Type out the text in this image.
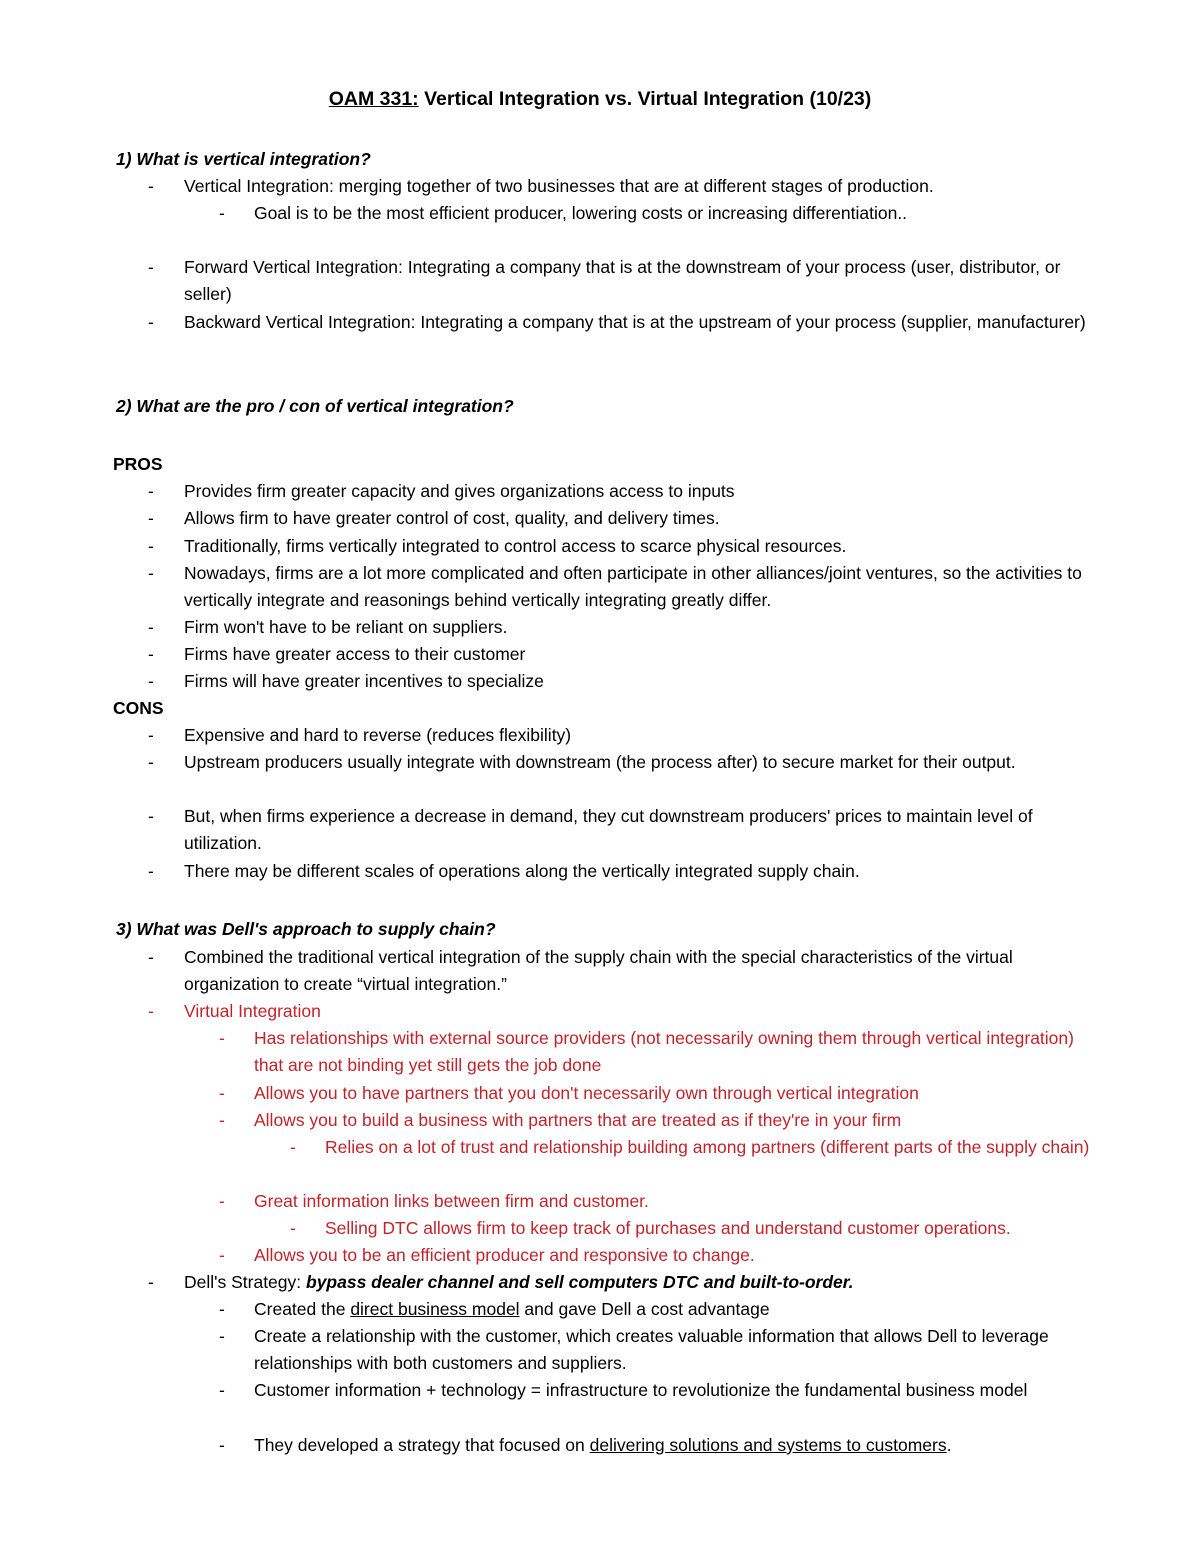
OAM 331: Vertical Integration vs. Virtual Integration (10/23)
1) What is vertical integration?
- Vertical Integration: merging together of two businesses that are at different stages of production.
- Goal is to be the most efficient producer, lowering costs or increasing differentiation..
- Forward Vertical Integration: Integrating a company that is at the downstream of your process (user, distributor, or seller)
- Backward Vertical Integration: Integrating a company that is at the upstream of your process (supplier, manufacturer)
2) What are the pro / con of vertical integration?
PROS
- Provides firm greater capacity and gives organizations access to inputs
- Allows firm to have greater control of cost, quality, and delivery times.
- Traditionally, firms vertically integrated to control access to scarce physical resources.
- Nowadays, firms are a lot more complicated and often participate in other alliances/joint ventures, so the activities to vertically integrate and reasonings behind vertically integrating greatly differ.
- Firm won't have to be reliant on suppliers.
- Firms have greater access to their customer
- Firms will have greater incentives to specialize
CONS
- Expensive and hard to reverse (reduces flexibility)
- Upstream producers usually integrate with downstream (the process after) to secure market for their output.
- But, when firms experience a decrease in demand, they cut downstream producers' prices to maintain level of utilization.
- There may be different scales of operations along the vertically integrated supply chain.
3) What was Dell's approach to supply chain?
- Combined the traditional vertical integration of the supply chain with the special characteristics of the virtual organization to create “virtual integration.”
- Virtual Integration
- Has relationships with external source providers (not necessarily owning them through vertical integration) that are not binding yet still gets the job done
- Allows you to have partners that you don't necessarily own through vertical integration
- Allows you to build a business with partners that are treated as if they're in your firm
- Relies on a lot of trust and relationship building among partners (different parts of the supply chain)
- Great information links between firm and customer.
- Selling DTC allows firm to keep track of purchases and understand customer operations.
- Allows you to be an efficient producer and responsive to change.
- Dell's Strategy: bypass dealer channel and sell computers DTC and built-to-order.
- Created the direct business model and gave Dell a cost advantage
- Create a relationship with the customer, which creates valuable information that allows Dell to leverage relationships with both customers and suppliers.
- Customer information + technology = infrastructure to revolutionize the fundamental business model
- They developed a strategy that focused on delivering solutions and systems to customers.
